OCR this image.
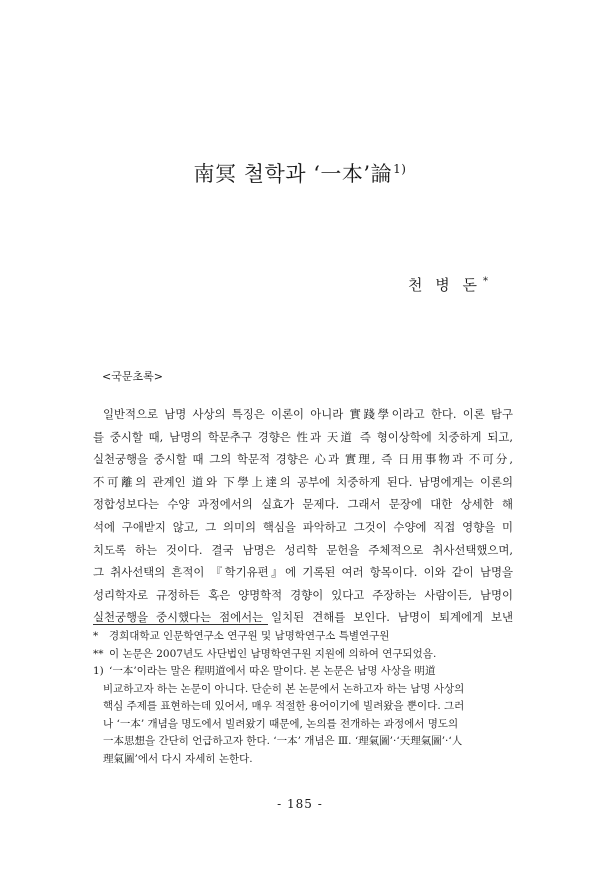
南冥 철학과 ‘一本’論$^{1)}$
천 병 돈 *
<국문초록>

일반적으로 남명 사상의 특징은 이론이 아니라 實踐學이라고 한다. 이론 탐구
를 중시할 때, 남명의 학문추구 경향은 性과 天道 즉 형이상학에 치중하게 되고,
실천궁행을 중시할 때 그의 학문적 경향은 心과 實理, 즉 日用事物과 不可分,
不可離의 관계인 道와 下學上達의 공부에 치중하게 된다. 남명에게는 이론의
정합성보다는 수양 과정에서의 실효가 문제다. 그래서 문장에 대한 상세한 해
석에 구애받지 않고, 그 의미의 핵심을 파악하고 그것이 수양에 직접 영향을 미
치도록 하는 것이다. 결국 남명은 성리학 문헌을 주체적으로 취사선택했으며,
그 취사선택의 흔적이 『학기유편』에 기록된 여러 항목이다. 이와 같이 남명을
성리학자로 규정하든 혹은 양명학적 경향이 있다고 주장하는 사람이든, 남명이
실천궁행을 중시했다는 점에서는 일치된 견해를 보인다. 남명이 퇴계에게 보낸

* 경희대학교 인문학연구소 연구원 및 남명학연구소 특별연구원
** 이 논문은 2007년도 사단법인 남명학연구원 지원에 의하여 연구되었음.
1) ‘一本’이라는 말은 程明道에서 따온 말이다. 본 논문은 남명 사상을 明道
비교하고자 하는 논문이 아니다. 단순히 본 논문에서 논하고자 하는 남명 사상의
핵심 주제를 표현하는데 있어서, 매우 적절한 용어이기에 빌려왔을 뿐이다. 그러
나 ‘一本’ 개념을 명도에서 빌려왔기 때문에, 논의를 전개하는 과정에서 명도의
一本思想을 간단히 언급하고자 한다. ‘一本’ 개념은 Ⅲ. ‘理氣圖’·‘天理氣圖’·‘人
理氣圖’에서 다시 자세히 논한다.
- 185 -
